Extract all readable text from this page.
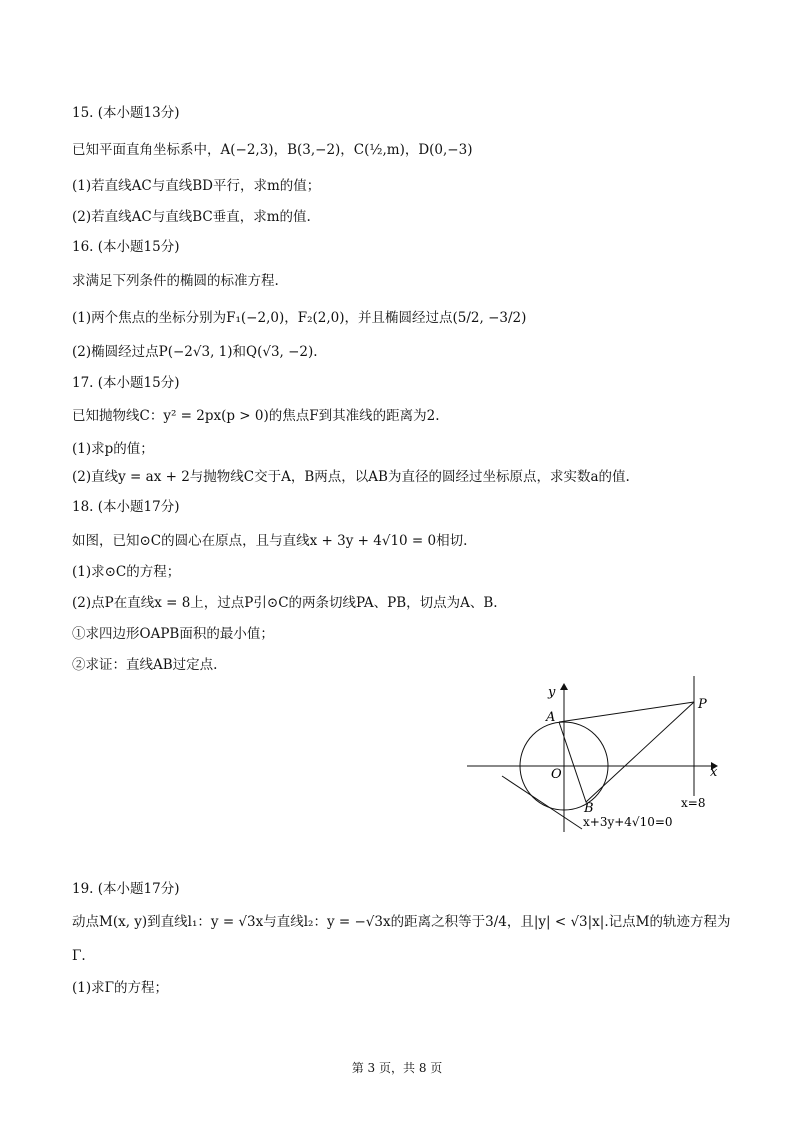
15. (本小题13分)
已知平面直角坐标系中，A(−2,3)，B(3,−2)，C(½,m)，D(0,−3)
(1)若直线AC与直线BD平行，求m的值；
(2)若直线AC与直线BC垂直，求m的值.
16. (本小题15分)
求满足下列条件的椭圆的标准方程.
(1)两个焦点的坐标分别为F₁(−2,0)，F₂(2,0)，并且椭圆经过点(5/2, −3/2)
(2)椭圆经过点P(−2√3, 1)和Q(√3, −2).
17. (本小题15分)
已知抛物线C：y² = 2px(p > 0)的焦点F到其准线的距离为2.
(1)求p的值；
(2)直线y = ax + 2与抛物线C交于A，B两点，以AB为直径的圆经过坐标原点，求实数a的值.
18. (本小题17分)
如图，已知⊙C的圆心在原点，且与直线x + 3y + 4√10 = 0相切.
(1)求⊙C的方程；
(2)点P在直线x = 8上，过点P引⊙C的两条切线PA、PB，切点为A、B.
①求四边形OAPB面积的最小值；
②求证：直线AB过定点.
y
x
A
P
O
B	x=8
x+3y+4√10=0
19. (本小题17分)
动点M(x, y)到直线l₁：y = √3x与直线l₂：y = −√3x的距离之积等于3/4，且|y| < √3|x|.记点M的轨迹方程为
Γ.
(1)求Γ的方程；
第 3 页，共 8 页
